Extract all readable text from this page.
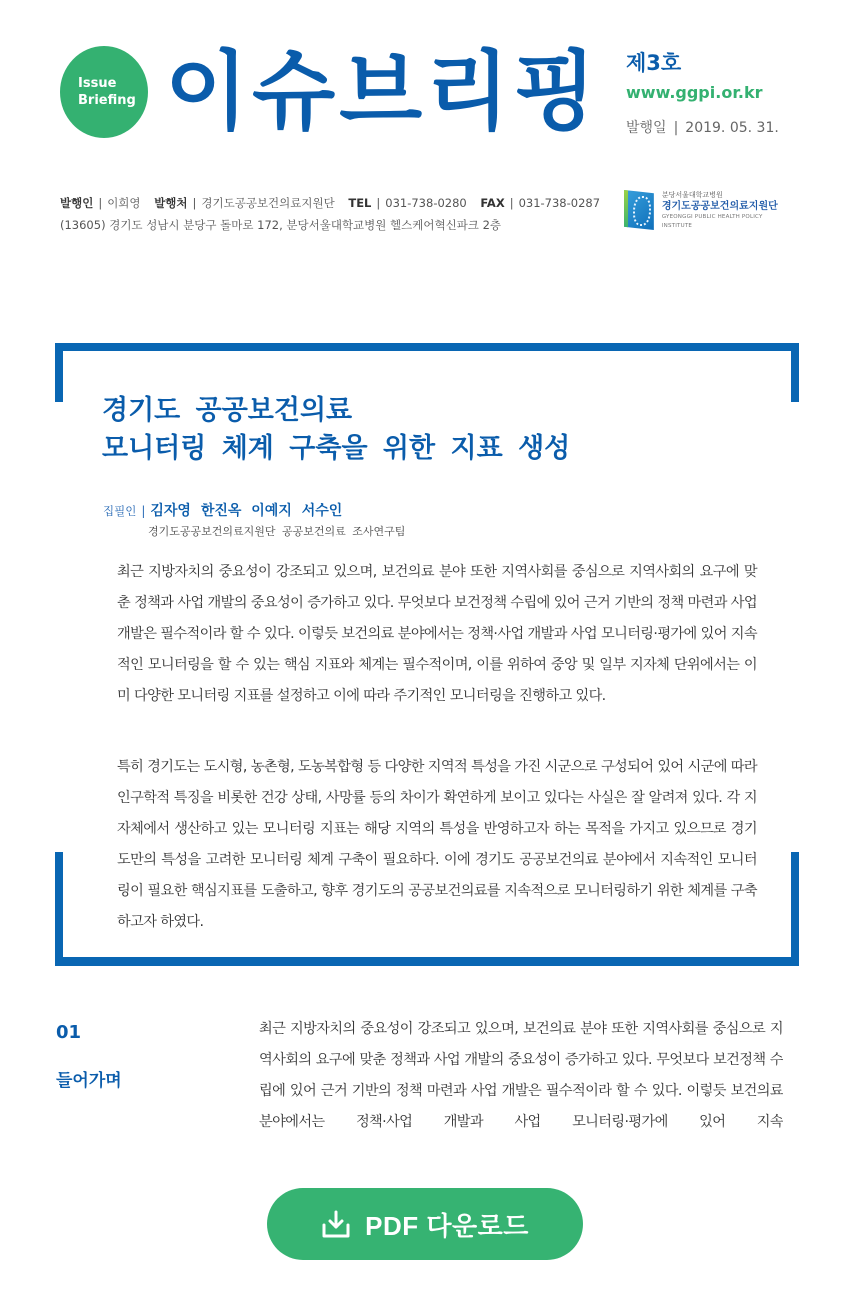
Issue
Briefing 이슈브리핑 제3호
www.ggpi.or.kr
발행일 | 2019. 05. 31.
발행인 | 이희영 발행처 | 경기도공공보건의료지원단 TEL | 031-738-0280 FAX | 031-738-0287
(13605) 경기도 성남시 분당구 돌마로 172, 분당서울대학교병원 헬스케어혁신파크 2층
분당서울대학교병원
경기도공공보건의료지원단
GYEONGGI PUBLIC HEALTH POLICY INSTITUTE
경기도 공공보건의료
모니터링 체계 구축을 위한 지표 생성
집필인 | 김자영 한진옥 이예지 서수인
경기도공공보건의료지원단 공공보건의료 조사연구팀
최근 지방자치의 중요성이 강조되고 있으며, 보건의료 분야 또한 지역사회를 중심으로 지역사회의 요구에 맞춘 정책과 사업 개발의 중요성이 증가하고 있다. 무엇보다 보건정책 수립에 있어 근거 기반의 정책 마련과 사업 개발은 필수적이라 할 수 있다. 이렇듯 보건의료 분야에서는 정책·사업 개발과 사업 모니터링·평가에 있어 지속적인 모니터링을 할 수 있는 핵심 지표와 체계는 필수적이며, 이를 위하여 중앙 및 일부 지자체 단위에서는 이미 다양한 모니터링 지표를 설정하고 이에 따라 주기적인 모니터링을 진행하고 있다.
특히 경기도는 도시형, 농촌형, 도농복합형 등 다양한 지역적 특성을 가진 시군으로 구성되어 있어 시군에 따라 인구학적 특징을 비롯한 건강 상태, 사망률 등의 차이가 확연하게 보이고 있다는 사실은 잘 알려져 있다. 각 지자체에서 생산하고 있는 모니터링 지표는 해당 지역의 특성을 반영하고자 하는 목적을 가지고 있으므로 경기도만의 특성을 고려한 모니터링 체계 구축이 필요하다. 이에 경기도 공공보건의료 분야에서 지속적인 모니터링이 필요한 핵심지표를 도출하고, 향후 경기도의 공공보건의료를 지속적으로 모니터링하기 위한 체계를 구축하고자 하였다.
01
들어가며
최근 지방자치의 중요성이 강조되고 있으며, 보건의료 분야 또한 지역사회를 중심으로 지역사회의 요구에 맞춘 정책과 사업 개발의 중요성이 증가하고 있다. 무엇보다 보건정책 수립에 있어 근거 기반의 정책 마련과 사업 개발은 필수적이라 할 수 있다. 이렇듯 보건의료 분야에서는 정책·사업 개발과 사업 모니터링·평가에 있어 지속
PDF 다운로드
